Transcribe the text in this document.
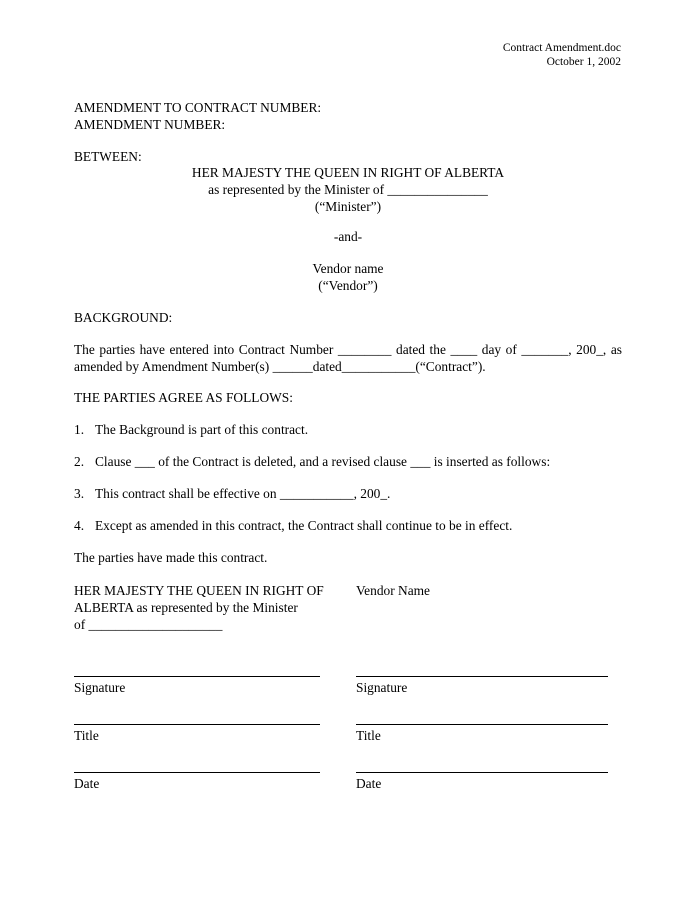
Contract Amendment.doc
October 1, 2002
AMENDMENT TO CONTRACT NUMBER:
AMENDMENT NUMBER:
BETWEEN:
HER MAJESTY THE QUEEN IN RIGHT OF ALBERTA
as represented by the Minister of _______________
(“Minister”)
-and-
Vendor name
(“Vendor”)
BACKGROUND:
The parties have entered into Contract Number ________ dated the ____ day of _______, 200_, as amended by Amendment Number(s) ______dated___________(“Contract”).
THE PARTIES AGREE AS FOLLOWS:
1. The Background is part of this contract.
2. Clause ___ of the Contract is deleted, and a revised clause ___ is inserted as follows:
3. This contract shall be effective on ___________, 200_.
4. Except as amended in this contract, the Contract shall continue to be in effect.
The parties have made this contract.
HER MAJESTY THE QUEEN IN RIGHT OF
ALBERTA as represented by the Minister
of ____________________
Vendor Name
Signature
Title
Date
Signature
Title
Date
